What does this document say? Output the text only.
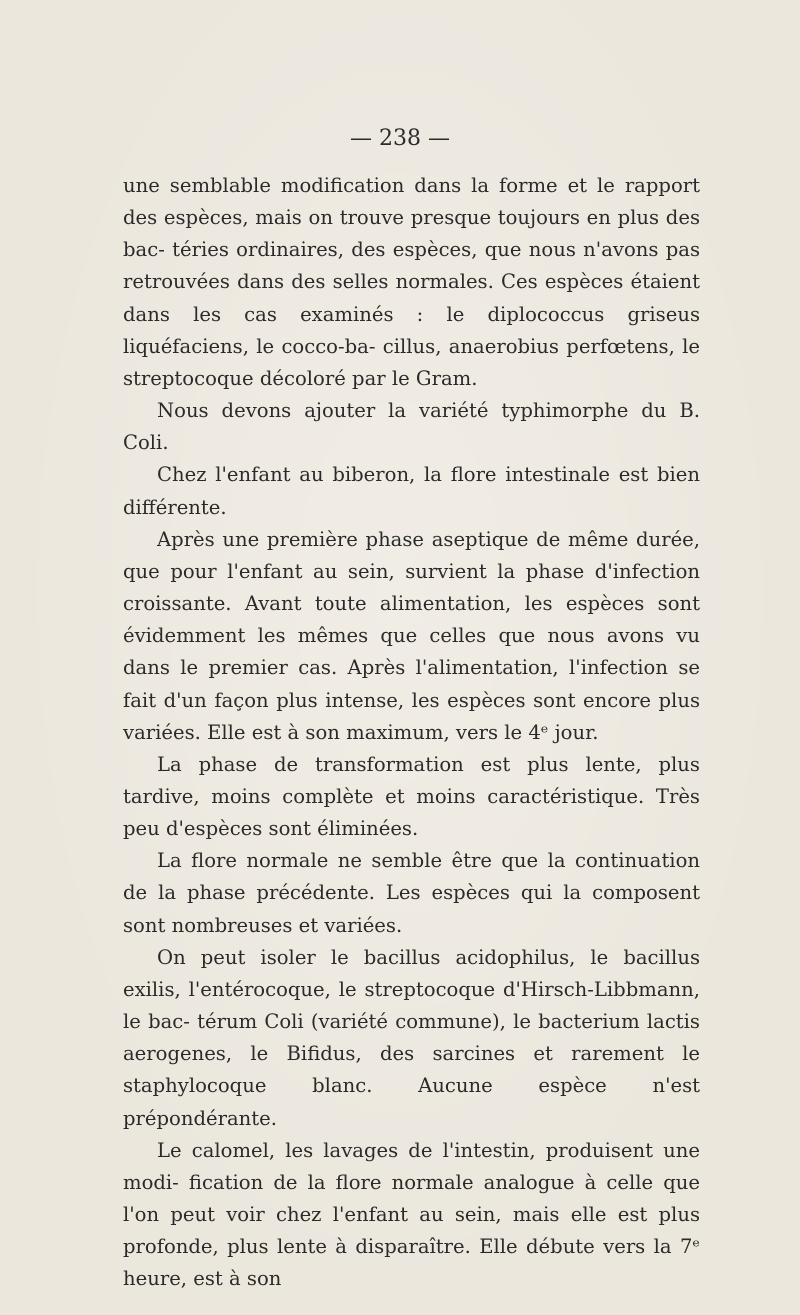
— 238 —

une semblable modification dans la forme et le rapport des espèces, mais on trouve presque toujours en plus des bac- téries ordinaires, des espèces, que nous n'avons pas retrouvées dans des selles normales. Ces espèces étaient dans les cas examinés : le diplococcus griseus liquéfaciens, le cocco-ba- cillus, anaerobius perfœtens, le streptocoque décoloré par le Gram.

Nous devons ajouter la variété typhimorphe du B. Coli.

Chez l'enfant au biberon, la flore intestinale est bien différente.

Après une première phase aseptique de même durée, que pour l'enfant au sein, survient la phase d'infection croissante. Avant toute alimentation, les espèces sont évidemment les mêmes que celles que nous avons vu dans le premier cas. Après l'alimentation, l'infection se fait d'un façon plus intense, les espèces sont encore plus variées. Elle est à son maximum, vers le 4ᵉ jour.

La phase de transformation est plus lente, plus tardive, moins complète et moins caractéristique. Très peu d'espèces sont éliminées.

La flore normale ne semble être que la continuation de la phase précédente. Les espèces qui la composent sont nombreuses et variées.

On peut isoler le bacillus acidophilus, le bacillus exilis, l'entérocoque, le streptocoque d'Hirsch-Libbmann, le bac- térum Coli (variété commune), le bacterium lactis aerogenes, le Bifidus, des sarcines et rarement le staphylocoque blanc. Aucune espèce n'est prépondérante.

Le calomel, les lavages de l'intestin, produisent une modi- fication de la flore normale analogue à celle que l'on peut voir chez l'enfant au sein, mais elle est plus profonde, plus lente à disparaître. Elle débute vers la 7ᵉ heure, est à son
